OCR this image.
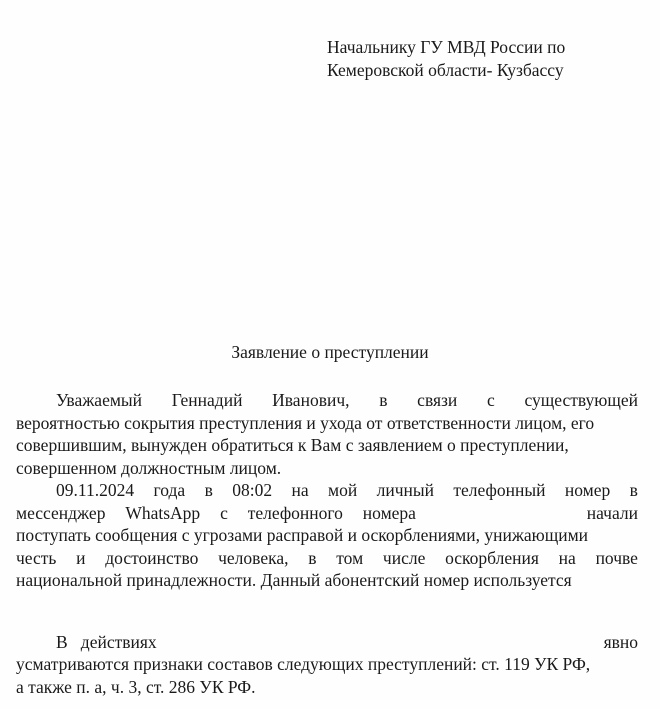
Начальнику ГУ МВД России по
Кемеровской области- Кузбассу
Заявление о преступлении
Уважаемый Геннадий Иванович, в связи с существующей
вероятностью сокрытия преступления и ухода от ответственности лицом, его
совершившим, вынужден обратиться к Вам с заявлением о преступлении,
совершенном должностным лицом.
09.11.2024 года в 08:02 на мой личный телефонный номер в
мессенджер WhatsApp с телефонного номера	начали
поступать сообщения с угрозами расправой и оскорблениями, унижающими
честь и достоинство человека, в том числе оскорбления на почве
национальной принадлежности. Данный абонентский номер используется
В   действиях	явно
усматриваются признаки составов следующих преступлений: ст. 119 УК РФ,
а также п. а, ч. 3, ст. 286 УК РФ.
